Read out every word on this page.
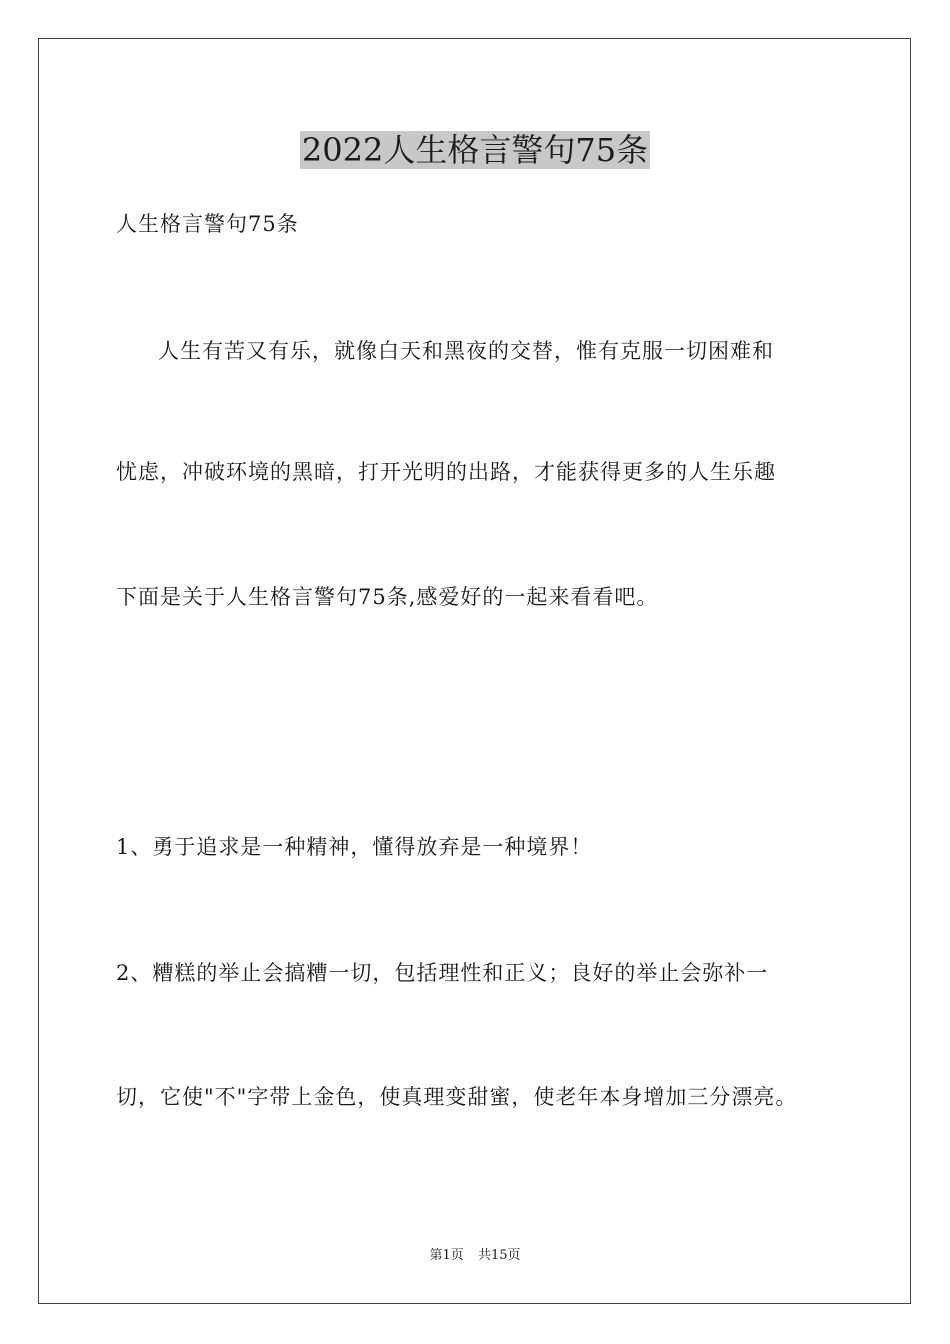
2022人生格言警句75条
人生格言警句75条
人生有苦又有乐，就像白天和黑夜的交替，惟有克服一切困难和
忧虑，冲破环境的黑暗，打开光明的出路，才能获得更多的人生乐趣
下面是关于人生格言警句75条,感爱好的一起来看看吧。
1、勇于追求是一种精神，懂得放弃是一种境界！
2、糟糕的举止会搞糟一切，包括理性和正义；良好的举止会弥补一
切，它使"不"字带上金色，使真理变甜蜜，使老年本身增加三分漂亮。
第1页 共15页
